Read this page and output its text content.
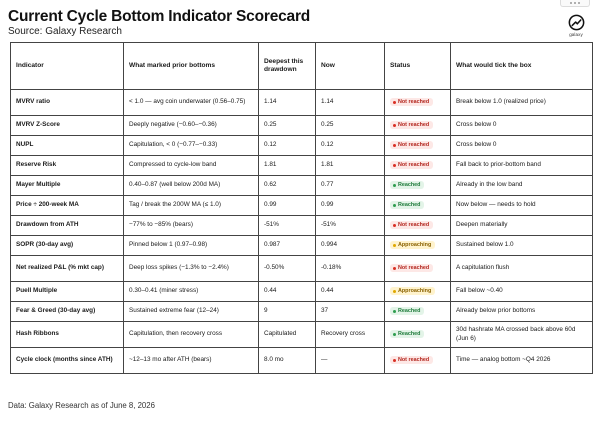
Current Cycle Bottom Indicator Scorecard
Source: Galaxy Research	galaxy
Indicator	What marked prior bottoms	Deepest this drawdown	Now	Status	What would tick the box
MVRV ratio	< 1.0 — avg coin underwater (0.56–0.75)	1.14	1.14	Not reached	Break below 1.0 (realized price)
MVRV Z-Score	Deeply negative (−0.60–−0.36)	0.25	0.25	Not reached	Cross below 0
NUPL	Capitulation, < 0 (−0.77–−0.33)	0.12	0.12	Not reached	Cross below 0
Reserve Risk	Compressed to cycle-low band	1.81	1.81	Not reached	Fall back to prior-bottom band
Mayer Multiple	0.40–0.87 (well below 200d MA)	0.62	0.77	Reached	Already in the low band
Price ÷ 200-week MA	Tag / break the 200W MA (≤ 1.0)	0.99	0.99	Reached	Now below — needs to hold
Drawdown from ATH	−77% to −85% (bears)	-51%	-51%	Not reached	Deepen materially
SOPR (30-day avg)	Pinned below 1 (0.97–0.98)	0.987	0.994	Approaching	Sustained below 1.0
Net realized P&L (% mkt cap)	Deep loss spikes (−1.3% to −2.4%)	-0.50%	-0.18%	Not reached	A capitulation flush
Puell Multiple	0.30–0.41 (miner stress)	0.44	0.44	Approaching	Fall below ~0.40
Fear & Greed (30-day avg)	Sustained extreme fear (12–24)	9	37	Reached	Already below prior bottoms
Hash Ribbons	Capitulation, then recovery cross	Capitulated	Recovery cross	Reached	30d hashrate MA crossed back above 60d (Jun 6)
Cycle clock (months since ATH)	~12–13 mo after ATH (bears)	8.0 mo	—	Not reached	Time — analog bottom ~Q4 2026
Data: Galaxy Research as of June 8, 2026
